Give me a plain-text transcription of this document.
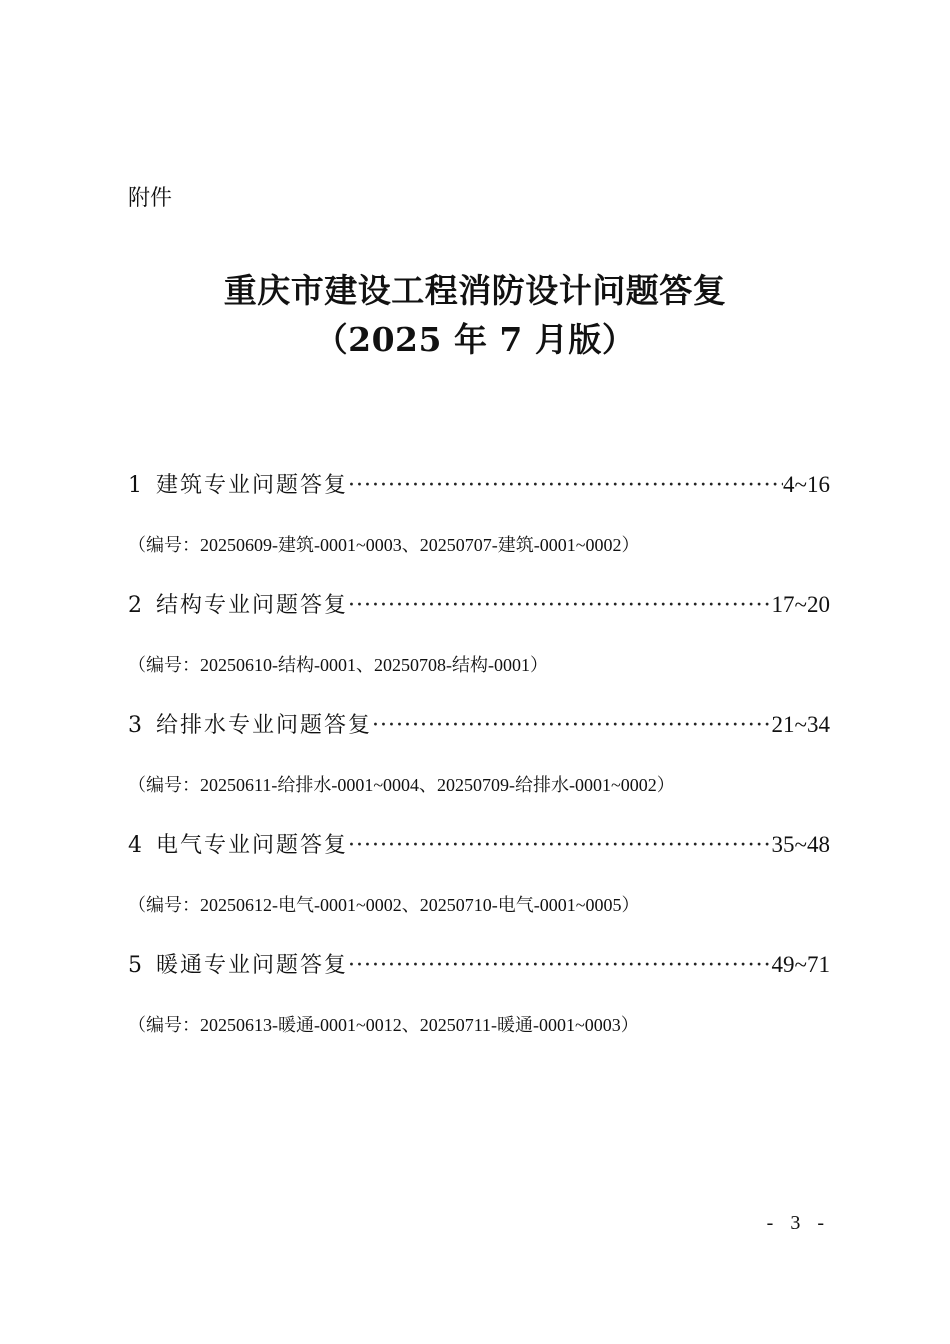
附件
重庆市建设工程消防设计问题答复
（2025 年 7 月版）
1 建筑专业问题答复 ·····	4~16
（编号：20250609-建筑-0001~0003、20250707-建筑-0001~0002）
2 结构专业问题答复 ·····	17~20
（编号：20250610-结构-0001、20250708-结构-0001）
3 给排水专业问题答复 ·····	21~34
（编号：20250611-给排水-0001~0004、20250709-给排水-0001~0002）
4 电气专业问题答复 ·····	35~48
（编号：20250612-电气-0001~0002、20250710-电气-0001~0005）
5 暖通专业问题答复 ·····	49~71
（编号：20250613-暖通-0001~0012、20250711-暖通-0001~0003）
- 3 -
